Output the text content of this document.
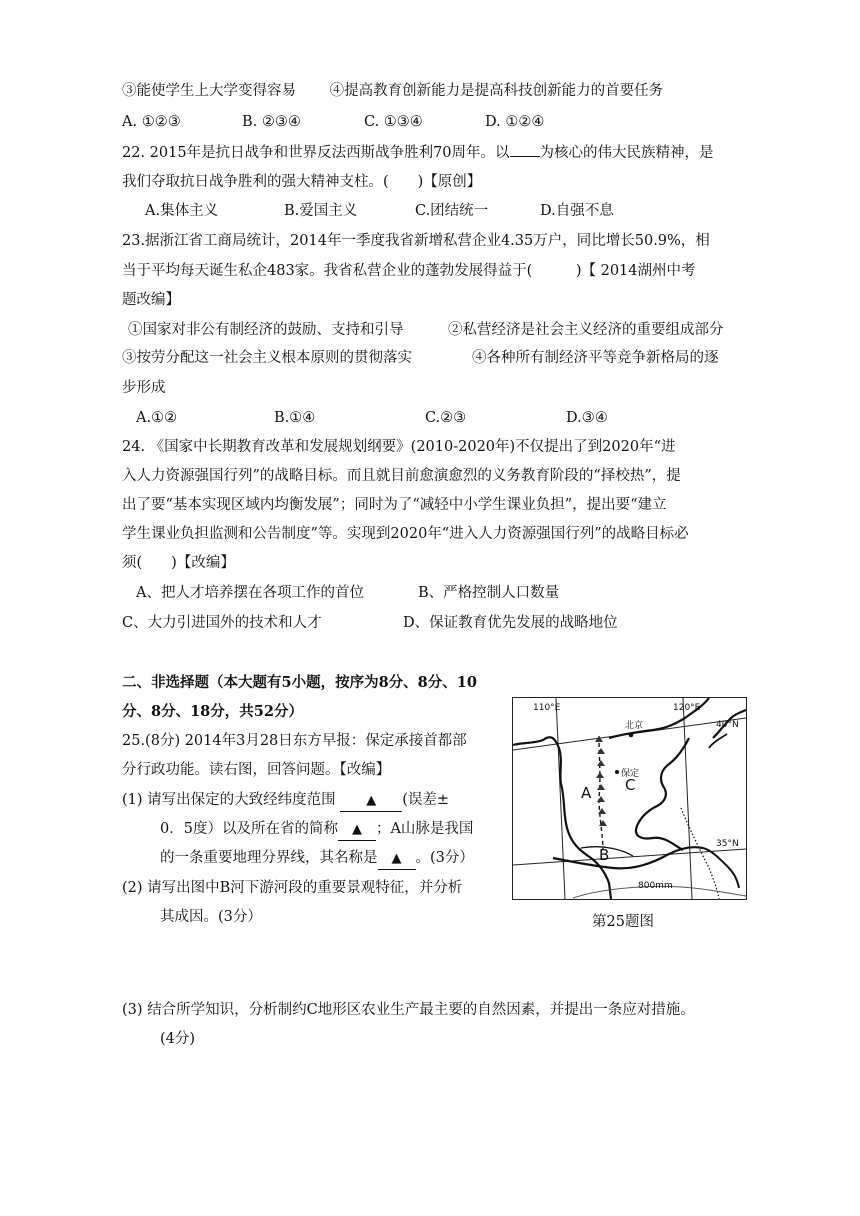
③能使学生上大学变得容易　　 ④提高教育创新能力是提高科技创新能力的首要任务
A. ①②③	B. ②③④	C. ①③④	D. ①②④
22. 2015年是抗日战争和世界反法西斯战争胜利70周年。以 为核心的伟大民族精神，是
我们夺取抗日战争胜利的强大精神支柱。(　　)【原创】
A.集体主义	B.爱国主义	C.团结统一	D.自强不息
23.据浙江省工商局统计，2014年一季度我省新增私营企业4.35万户，同比增长50.9%，相
当于平均每天诞生私企483家。我省私营企业的蓬勃发展得益于(　　　)【 2014湖州中考
题改编】
①国家对非公有制经济的鼓励、支持和引导	②私营经济是社会主义经济的重要组成部分
③按劳分配这一社会主义根本原则的贯彻落实	④各种所有制经济平等竞争新格局的逐
步形成
A.①②	B.①④	C.②③	D.③④
24. 《国家中长期教育改革和发展规划纲要》(2010-2020年)不仅提出了到2020年“进
入人力资源强国行列”的战略目标。而且就目前愈演愈烈的义务教育阶段的“择校热”，提
出了要“基本实现区域内均衡发展”；同时为了“减轻中小学生课业负担”，提出要“建立
学生课业负担监测和公告制度”等。实现到2020年“进入人力资源强国行列”的战略目标必
须(　　)【改编】
A、把人才培养摆在各项工作的首位	B、严格控制人口数量
C、大力引进国外的技术和人才	D、保证教育优先发展的战略地位
二、非选择题（本大题有5小题，按序为8分、8分、10
分、8分、18分，共52分）
25.(8分) 2014年3月28日东方早报：保定承接首都部
分行政功能。读右图，回答问题。【改编】
(1) 请写出保定的大致经纬度范围 ▲ (误差±
0．5度）以及所在省的简称 ▲ ；A山脉是我国
的一条重要地理分界线，其名称是 ▲ 。(3分）
(2) 请写出图中B河下游河段的重要景观特征，并分析
其成因。(3分）
(3) 结合所学知识，分析制约C地形区农业生产最主要的自然因素，并提出一条应对措施。
(4分)
北京
保定
800mm
A C
B
110°E	120°E
40°N
35°N
第25题图
